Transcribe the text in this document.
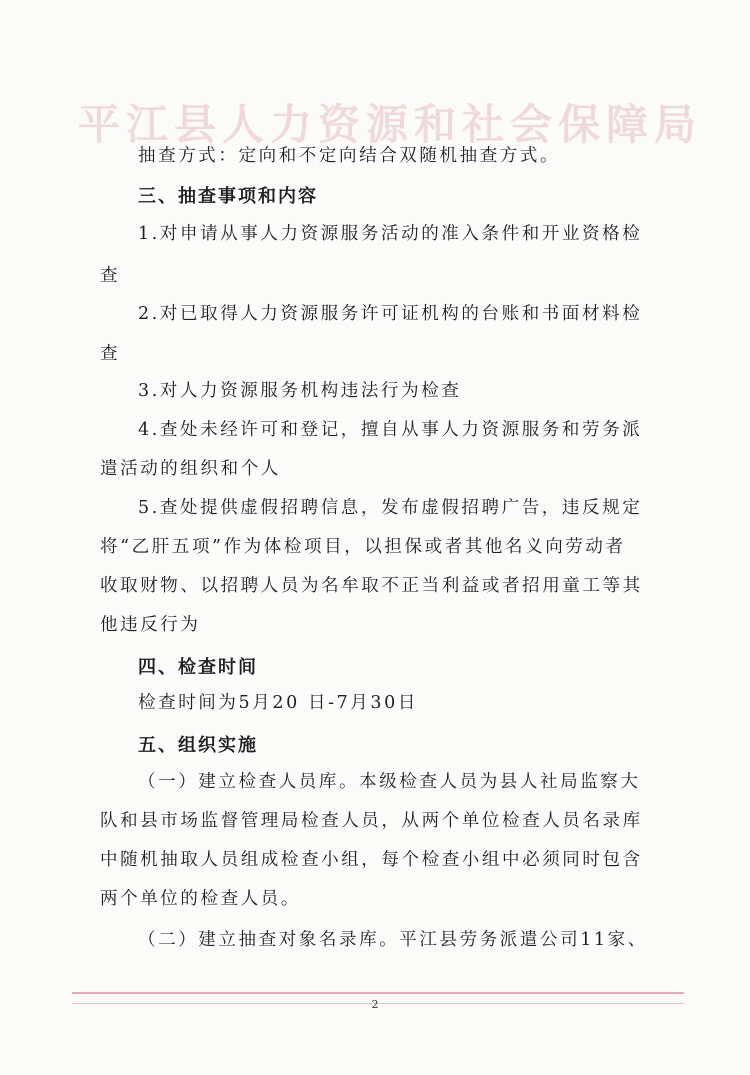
平江县人力资源和社会保障局
抽查方式：定向和不定向结合双随机抽查方式。
三、抽查事项和内容
1.对申请从事人力资源服务活动的准入条件和开业资格检
查
2.对已取得人力资源服务许可证机构的台账和书面材料检
查
3.对人力资源服务机构违法行为检查
4.查处未经许可和登记，擅自从事人力资源服务和劳务派
遣活动的组织和个人
5.查处提供虚假招聘信息，发布虚假招聘广告，违反规定
将“乙肝五项”作为体检项目，以担保或者其他名义向劳动者
收取财物、以招聘人员为名牟取不正当利益或者招用童工等其
他违反行为
四、检查时间
检查时间为5月20 日-7月30日
五、组织实施
（一）建立检查人员库。本级检查人员为县人社局监察大
队和县市场监督管理局检查人员，从两个单位检查人员名录库
中随机抽取人员组成检查小组，每个检查小组中必须同时包含
两个单位的检查人员。
（二）建立抽查对象名录库。平江县劳务派遣公司11家、
2
